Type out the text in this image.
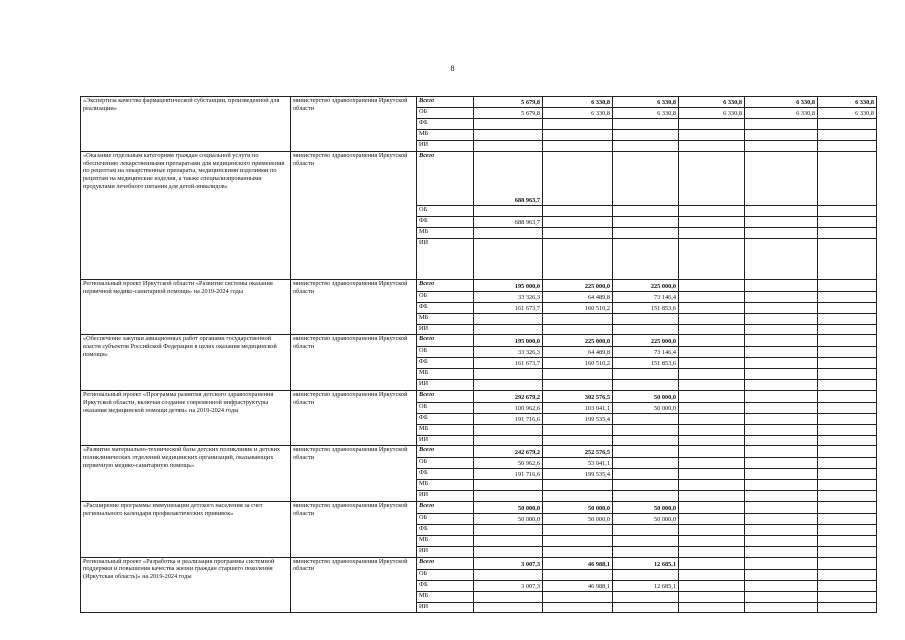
8
«Экспертиза качества фармацевтической субстанции, произведенной для реализации»	министерство здравоохранения Иркутской области	Всего	5 679,8	6 330,8	6 330,8	6 330,8	6 330,8	6 330,8
		ОБ	5 679,8	6 330,8	6 330,8	6 330,8	6 330,8	6 330,8
		ФБ						
		МБ						
		ИИ						
«Оказание отдельным категориям граждан социальной услуги по обеспечению лекарственными препаратами для медицинского применения по рецептам на лекарственные препараты, медицинскими изделиями по рецептам на медицинские изделия, а также специализированными продуктами лечебного питания для детей-инвалидов»	министерство здравоохранения Иркутской области	Всего	688 963,7					
		ОБ						
		ФБ	688 963,7					
		МБ						
		ИИ						
Региональный проект Иркутской области «Развитие системы оказания первичной медико-санитарной помощи» на 2019-2024 годы	министерство здравоохранения Иркутской области	Всего	195 000,0	225 000,0	225 000,0			
		ОБ	33 326,3	64 489,8	73 146,4			
		ФБ	161 673,7	160 510,2	151 853,6			
		МБ						
		ИИ						
«Обеспечение закупки авиационных работ органами государственной власти субъектов Российской Федерации в целях оказания медицинской помощи»	министерство здравоохранения Иркутской области	Всего	195 000,0	225 000,0	225 000,0			
		ОБ	33 326,3	64 489,8	73 146,4			
		ФБ	161 673,7	160 510,2	151 853,6			
		МБ						
		ИИ						
Региональный проект «Программа развития детского здравоохранения Иркутской области, включая создание современной инфраструктуры оказания медицинской помощи детям» на 2019-2024 годы	министерство здравоохранения Иркутской области	Всего	292 679,2	302 576,5	50 000,0			
		ОБ	100 962,6	103 041,1	50 000,0			
		ФБ	191 716,6	199 535,4				
		МБ						
		ИИ						
«Развитие материально-технической базы детских поликлиник и детских поликлинических отделений медицинских организаций, оказывающих первичную медико-санитарную помощь»	министерство здравоохранения Иркутской области	Всего	242 679,2	252 576,5				
		ОБ	50 962,6	53 041,1				
		ФБ	191 716,6	199 535,4				
		МБ						
		ИИ						
«Расширение программы иммунизации детского населения за счет регионального календаря профилактических прививок»	министерство здравоохранения Иркутской области	Всего	50 000,0	50 000,0	50 000,0			
		ОБ	50 000,0	50 000,0	50 000,0			
		ФБ						
		МБ						
		ИИ						
Региональный проект «Разработка и реализация программы системной поддержки и повышения качества жизни граждан старшего поколения (Иркутская область)» на 2019-2024 годы	министерство здравоохранения Иркутской области	Всего	3 007,3	46 988,1	12 685,1			
		ОБ						
		ФБ	3 007,3	46 988,1	12 685,1			
		МБ						
		ИИ						
